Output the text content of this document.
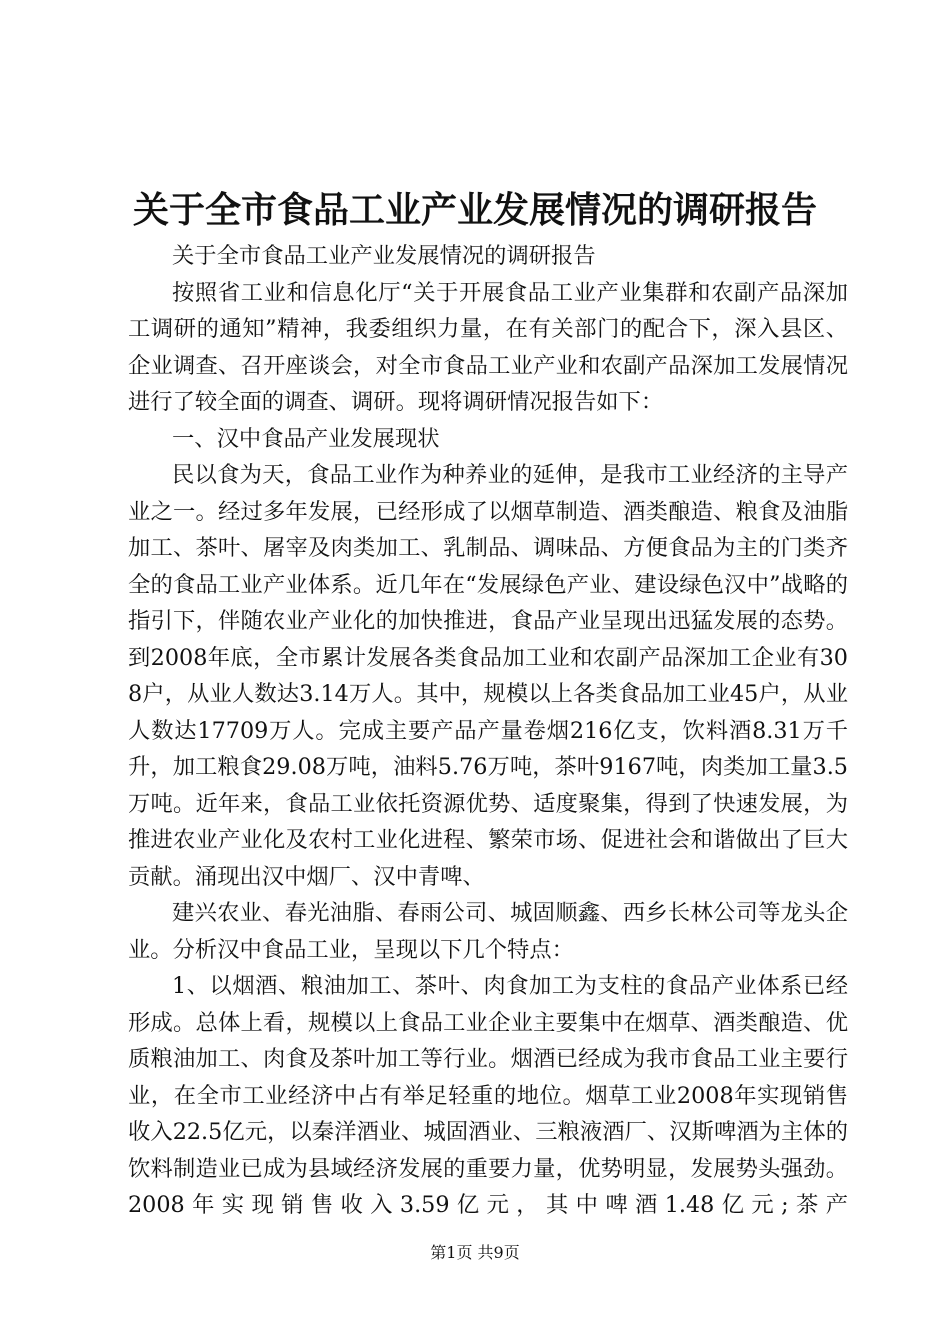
关于全市食品工业产业发展情况的调研报告

关于全市食品工业产业发展情况的调研报告

按照省工业和信息化厅“关于开展食品工业产业集群和农副产品深加工调研的通知”精神，我委组织力量，在有关部门的配合下，深入县区、企业调查、召开座谈会，对全市食品工业产业和农副产品深加工发展情况进行了较全面的调查、调研。现将调研情况报告如下：

一、汉中食品产业发展现状

民以食为天，食品工业作为种养业的延伸，是我市工业经济的主导产业之一。经过多年发展，已经形成了以烟草制造、酒类酿造、粮食及油脂加工、茶叶、屠宰及肉类加工、乳制品、调味品、方便食品为主的门类齐全的食品工业产业体系。近几年在“发展绿色产业、建设绿色汉中”战略的指引下，伴随农业产业化的加快推进，食品产业呈现出迅猛发展的态势。到2008年底，全市累计发展各类食品加工业和农副产品深加工企业有308户，从业人数达3.14万人。其中，规模以上各类食品加工业45户，从业人数达17709万人。完成主要产品产量卷烟216亿支，饮料酒8.31万千升，加工粮食29.08万吨，油料5.76万吨，茶叶9167吨，肉类加工量3.5万吨。近年来，食品工业依托资源优势、适度聚集，得到了快速发展，为推进农业产业化及农村工业化进程、繁荣市场、促进社会和谐做出了巨大贡献。涌现出汉中烟厂、汉中青啤、

建兴农业、春光油脂、春雨公司、城固顺鑫、西乡长林公司等龙头企业。分析汉中食品工业，呈现以下几个特点：

1、以烟酒、粮油加工、茶叶、肉食加工为支柱的食品产业体系已经形成。总体上看，规模以上食品工业企业主要集中在烟草、酒类酿造、优质粮油加工、肉食及茶叶加工等行业。烟酒已经成为我市食品工业主要行业，在全市工业经济中占有举足轻重的地位。烟草工业2008年实现销售收入22.5亿元，以秦洋酒业、城固酒业、三粮液酒厂、汉斯啤酒为主体的饮料制造业已成为县域经济发展的重要力量，优势明显，发展势头强劲。2008年实现销售收入3.59亿元，其中啤酒1.48亿元;茶产

第1页 共9页
